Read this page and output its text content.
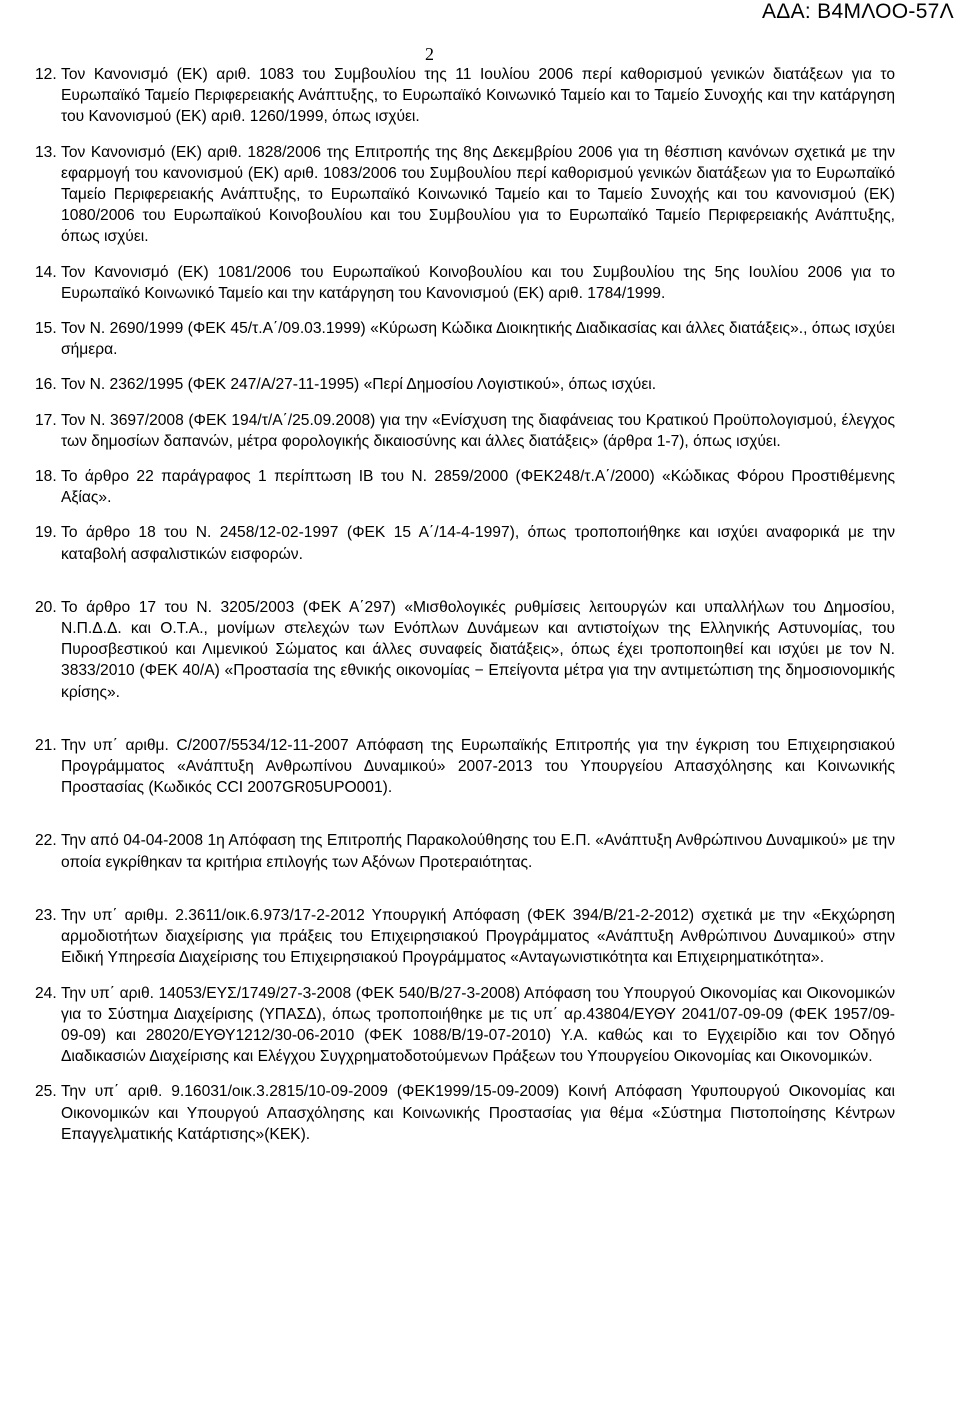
ΑΔΑ: Β4ΜΛΟΟ-57Λ
2
12. Τον Κανονισμό (ΕΚ) αριθ. 1083 του Συμβουλίου της 11 Ιουλίου 2006 περί καθορισμού γενικών διατάξεων για το Ευρωπαϊκό Ταμείο Περιφερειακής Ανάπτυξης, το Ευρωπαϊκό Κοινωνικό Ταμείο και το Ταμείο Συνοχής και την κατάργηση του Κανονισμού (ΕΚ) αριθ. 1260/1999, όπως ισχύει.
13. Τον Κανονισμό (ΕΚ) αριθ. 1828/2006 της Επιτροπής της 8ης Δεκεμβρίου 2006 για τη θέσπιση κανόνων σχετικά με την εφαρμογή του κανονισμού (ΕΚ) αριθ. 1083/2006 του Συμβουλίου περί καθορισμού γενικών διατάξεων για το Ευρωπαϊκό Ταμείο Περιφερειακής Ανάπτυξης, το Ευρωπαϊκό Κοινωνικό Ταμείο και το Ταμείο Συνοχής και του κανονισμού (ΕΚ) 1080/2006 του Ευρωπαϊκού Κοινοβουλίου και του Συμβουλίου για το Ευρωπαϊκό Ταμείο Περιφερειακής Ανάπτυξης, όπως ισχύει.
14. Τον Κανονισμό (ΕΚ) 1081/2006 του Ευρωπαϊκού Κοινοβουλίου και του Συμβουλίου της 5ης Ιουλίου 2006 για το Ευρωπαϊκό Κοινωνικό Ταμείο και την κατάργηση του Κανονισμού (ΕΚ) αριθ. 1784/1999.
15. Τον Ν. 2690/1999 (ΦΕΚ 45/τ.Α΄/09.03.1999) «Κύρωση Κώδικα Διοικητικής Διαδικασίας και άλλες διατάξεις»., όπως ισχύει σήμερα.
16. Τον Ν. 2362/1995 (ΦΕΚ 247/Α/27-11-1995) «Περί Δημοσίου Λογιστικού», όπως ισχύει.
17. Τον Ν. 3697/2008 (ΦΕΚ 194/τ/Α΄/25.09.2008) για την «Ενίσχυση της διαφάνειας του Κρατικού Προϋπολογισμού, έλεγχος των δημοσίων δαπανών, μέτρα φορολογικής δικαιοσύνης και άλλες διατάξεις» (άρθρα 1-7), όπως ισχύει.
18. Το άρθρο 22 παράγραφος 1 περίπτωση ΙΒ του Ν. 2859/2000 (ΦΕΚ248/τ.Α΄/2000) «Κώδικας Φόρου Προστιθέμενης Αξίας».
19. Το άρθρο 18 του Ν. 2458/12-02-1997 (ΦΕΚ 15 Α΄/14-4-1997), όπως τροποποιήθηκε και ισχύει αναφορικά με την καταβολή ασφαλιστικών εισφορών.
20. Το άρθρο 17 του Ν. 3205/2003 (ΦΕΚ Α΄297) «Μισθολογικές ρυθμίσεις λειτουργών και υπαλλήλων του Δημοσίου, Ν.Π.Δ.Δ. και Ο.Τ.Α., μονίμων στελεχών των Ενόπλων Δυνάμεων και αντιστοίχων της Ελληνικής Αστυνομίας, του Πυροσβεστικού και Λιμενικού Σώματος και άλλες συναφείς διατάξεις», όπως έχει τροποποιηθεί και ισχύει με τον Ν. 3833/2010 (ΦΕΚ 40/Α) «Προστασία της εθνικής οικονομίας − Επείγοντα μέτρα για την αντιμετώπιση της δημοσιονομικής κρίσης».
21. Την υπ΄ αριθμ. C/2007/5534/12-11-2007 Απόφαση της Ευρωπαϊκής Επιτροπής για την έγκριση του Επιχειρησιακού Προγράμματος «Ανάπτυξη Ανθρωπίνου Δυναμικού» 2007-2013 του Υπουργείου Απασχόλησης και Κοινωνικής Προστασίας (Κωδικός CCI 2007GR05UPO001).
22. Την από 04-04-2008 1η Απόφαση της Επιτροπής Παρακολούθησης του Ε.Π. «Ανάπτυξη Ανθρώπινου Δυναμικού» με την οποία εγκρίθηκαν τα κριτήρια επιλογής των Αξόνων Προτεραιότητας.
23. Την υπ΄ αριθμ. 2.3611/οικ.6.973/17-2-2012 Υπουργική Απόφαση (ΦΕΚ 394/Β/21-2-2012) σχετικά με την «Εκχώρηση αρμοδιοτήτων διαχείρισης για πράξεις του Επιχειρησιακού Προγράμματος «Ανάπτυξη Ανθρώπινου Δυναμικού» στην Ειδική Υπηρεσία Διαχείρισης του Επιχειρησιακού Προγράμματος «Ανταγωνιστικότητα και Επιχειρηματικότητα».
24. Την υπ΄ αριθ. 14053/ΕΥΣ/1749/27-3-2008 (ΦΕΚ 540/Β/27-3-2008) Απόφαση του Υπουργού Οικονομίας και Οικονομικών για το Σύστημα Διαχείρισης (ΥΠΑΣΔ), όπως τροποποιήθηκε με τις υπ΄ αρ.43804/ΕΥΘΥ 2041/07-09-09 (ΦΕΚ 1957/09-09-09) και 28020/ΕΥΘΥ1212/30-06-2010 (ΦΕΚ 1088/Β/19-07-2010) Υ.Α. καθώς και το Εγχειρίδιο και τον Οδηγό Διαδικασιών Διαχείρισης και Ελέγχου Συγχρηματοδοτούμενων Πράξεων του Υπουργείου Οικονομίας και Οικονομικών.
25. Την υπ΄ αριθ. 9.16031/οικ.3.2815/10-09-2009 (ΦΕΚ1999/15-09-2009) Κοινή Απόφαση Υφυπουργού Οικονομίας και Οικονομικών και Υπουργού Απασχόλησης και Κοινωνικής Προστασίας για θέμα «Σύστημα Πιστοποίησης Κέντρων Επαγγελματικής Κατάρτισης»(ΚΕΚ).
